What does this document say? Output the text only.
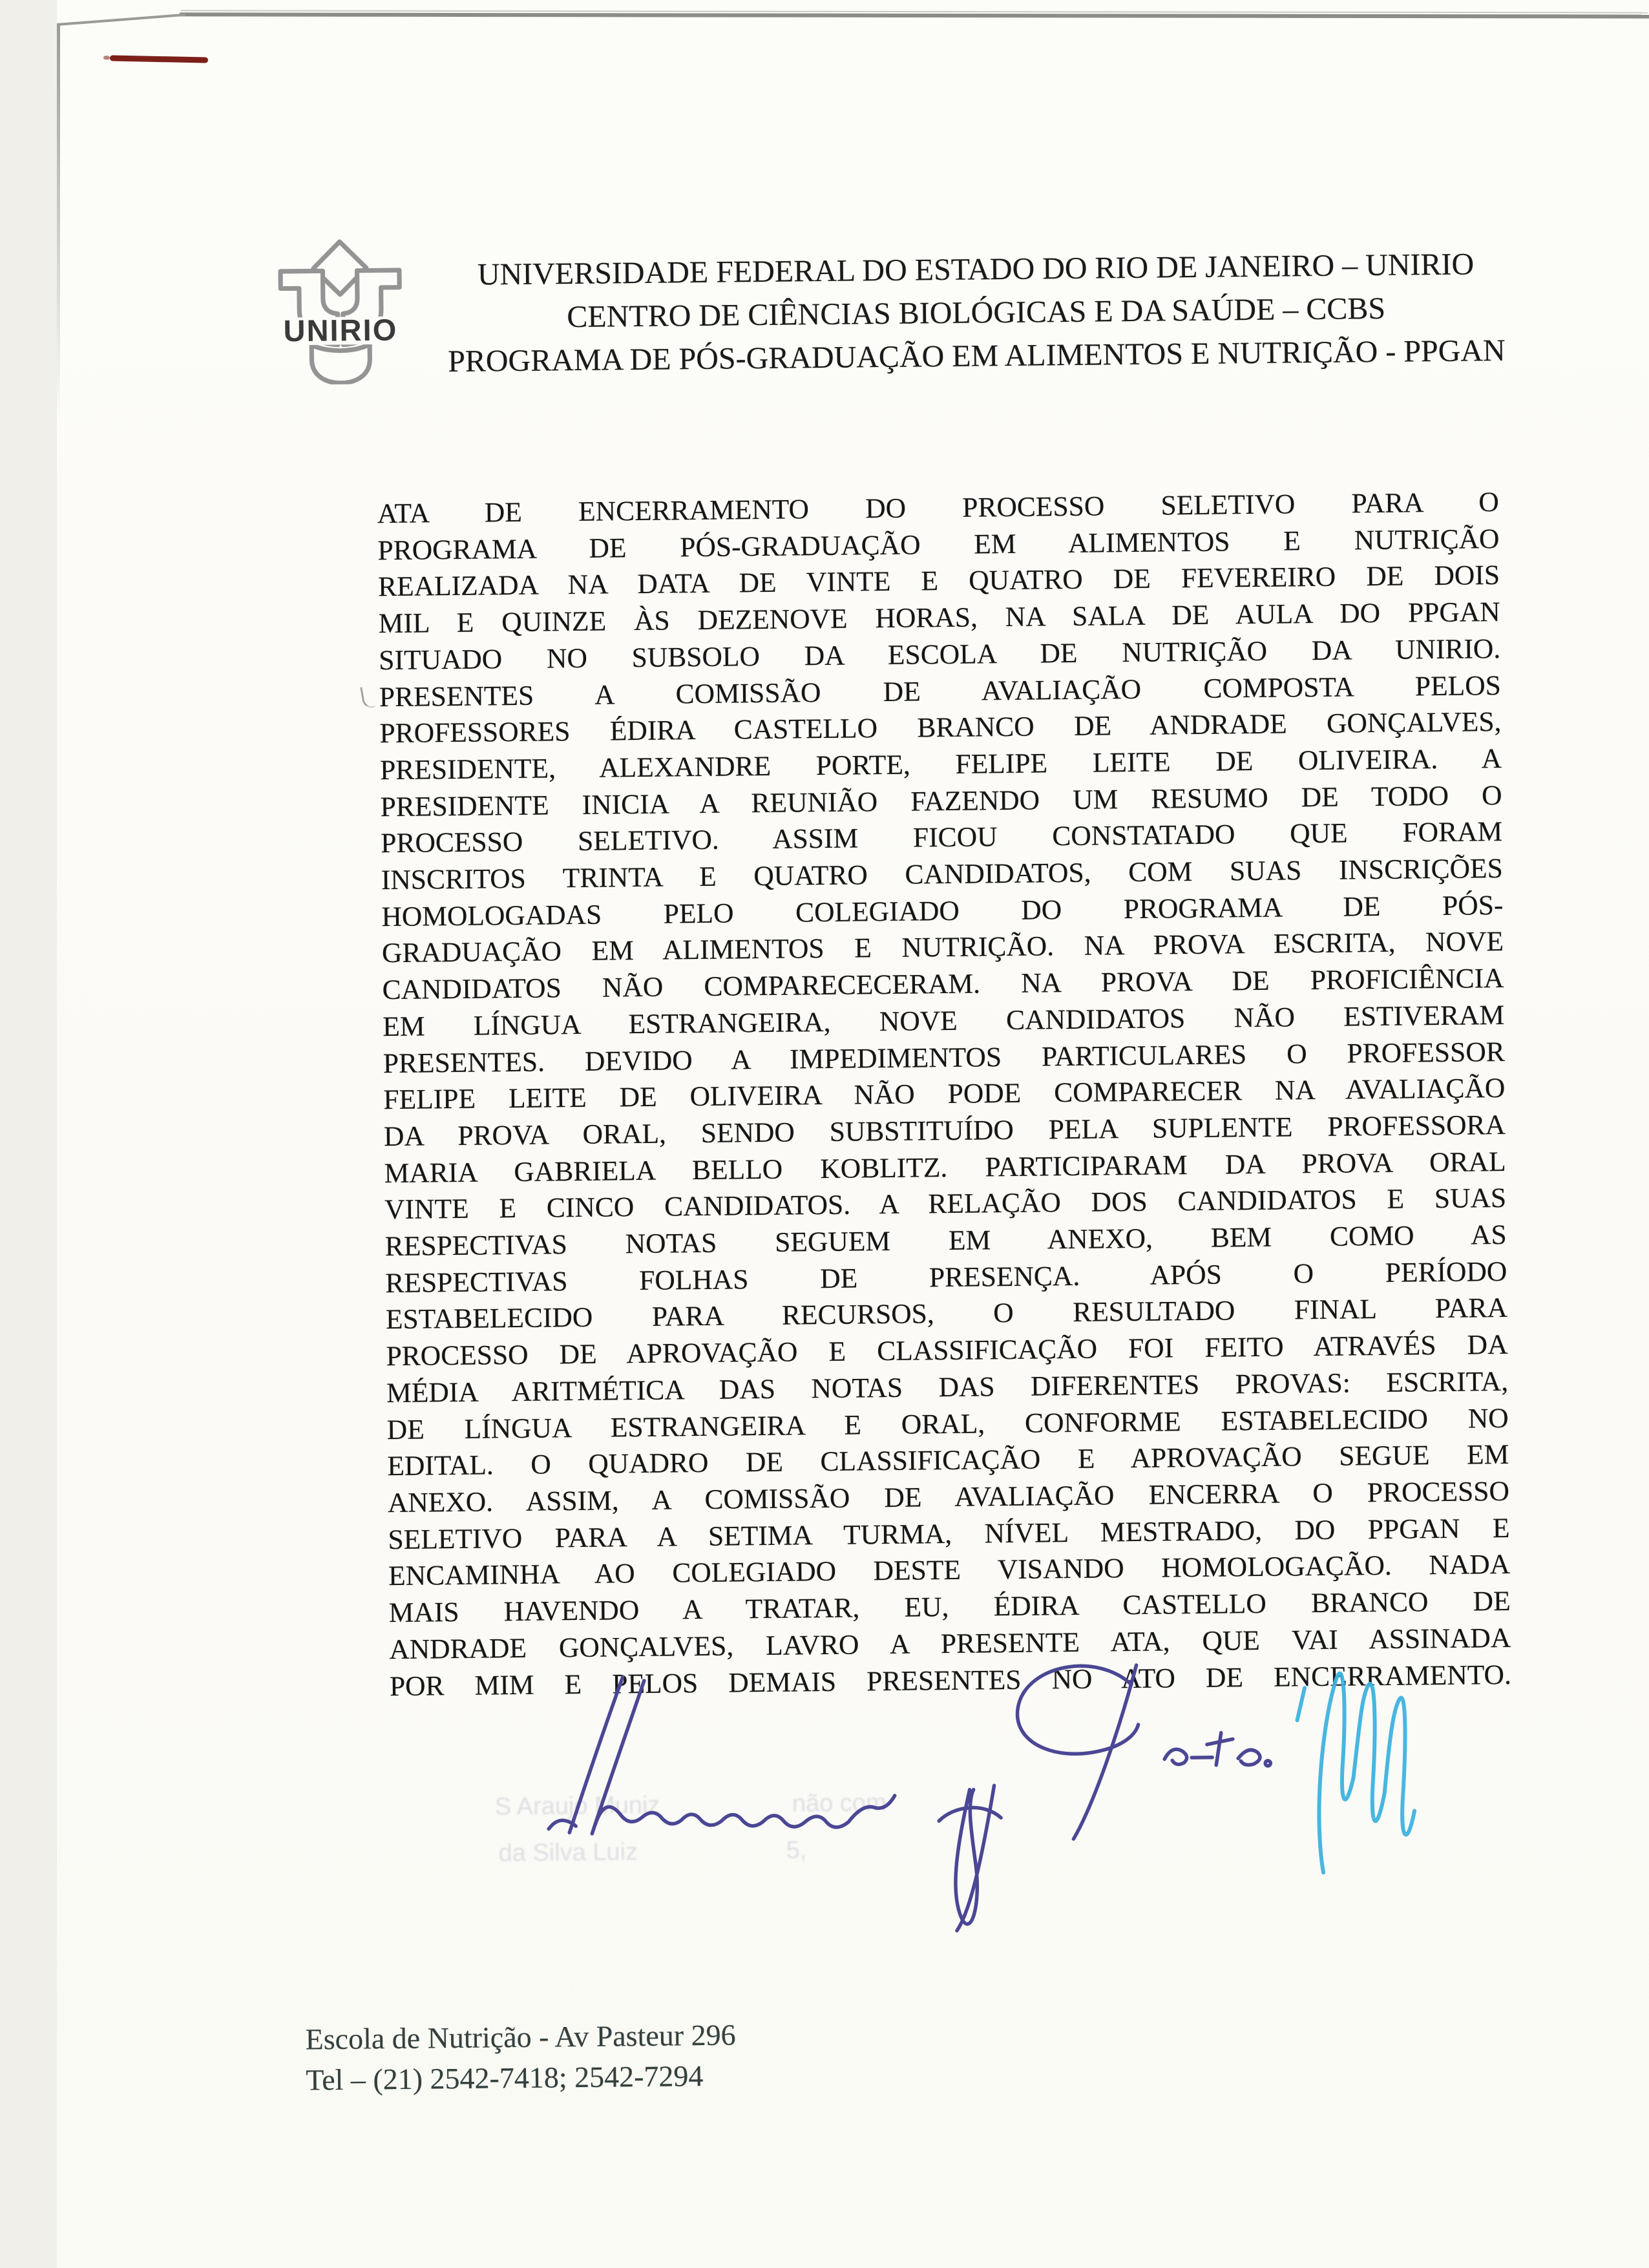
UNIRIO
UNIVERSIDADE FEDERAL DO ESTADO DO RIO DE JANEIRO – UNIRIO
CENTRO DE CIÊNCIAS BIOLÓGICAS E DA SAÚDE – CCBS
PROGRAMA DE PÓS-GRADUAÇÃO EM ALIMENTOS E NUTRIÇÃO - PPGAN
ATA DE ENCERRAMENTO DO PROCESSO SELETIVO PARA O
PROGRAMA DE PÓS-GRADUAÇÃO EM ALIMENTOS E NUTRIÇÃO
REALIZADA NA DATA DE VINTE E QUATRO DE FEVEREIRO DE DOIS
MIL E QUINZE ÀS DEZENOVE HORAS, NA SALA DE AULA DO PPGAN
SITUADO NO SUBSOLO DA ESCOLA DE NUTRIÇÃO DA UNIRIO.
PRESENTES A COMISSÃO DE AVALIAÇÃO COMPOSTA PELOS
PROFESSORES ÉDIRA CASTELLO BRANCO DE ANDRADE GONÇALVES,
PRESIDENTE, ALEXANDRE PORTE, FELIPE LEITE DE OLIVEIRA. A
PRESIDENTE INICIA A REUNIÃO FAZENDO UM RESUMO DE TODO O
PROCESSO SELETIVO. ASSIM FICOU CONSTATADO QUE FORAM
INSCRITOS TRINTA E QUATRO CANDIDATOS, COM SUAS INSCRIÇÕES
HOMOLOGADAS PELO COLEGIADO DO PROGRAMA DE PÓS-
GRADUAÇÃO EM ALIMENTOS E NUTRIÇÃO. NA PROVA ESCRITA, NOVE
CANDIDATOS NÃO COMPARECECERAM. NA PROVA DE PROFICIÊNCIA
EM LÍNGUA ESTRANGEIRA, NOVE CANDIDATOS NÃO ESTIVERAM
PRESENTES. DEVIDO A IMPEDIMENTOS PARTICULARES O PROFESSOR
FELIPE LEITE DE OLIVEIRA NÃO PODE COMPARECER NA AVALIAÇÃO
DA PROVA ORAL, SENDO SUBSTITUÍDO PELA SUPLENTE PROFESSORA
MARIA GABRIELA BELLO KOBLITZ. PARTICIPARAM DA PROVA ORAL
VINTE E CINCO CANDIDATOS. A RELAÇÃO DOS CANDIDATOS E SUAS
RESPECTIVAS NOTAS SEGUEM EM ANEXO, BEM COMO AS
RESPECTIVAS FOLHAS DE PRESENÇA. APÓS O PERÍODO
ESTABELECIDO PARA RECURSOS, O RESULTADO FINAL PARA
PROCESSO DE APROVAÇÃO E CLASSIFICAÇÃO FOI FEITO ATRAVÉS DA
MÉDIA ARITMÉTICA DAS NOTAS DAS DIFERENTES PROVAS: ESCRITA,
DE LÍNGUA ESTRANGEIRA E ORAL, CONFORME ESTABELECIDO NO
EDITAL. O QUADRO DE CLASSIFICAÇÃO E APROVAÇÃO SEGUE EM
ANEXO. ASSIM, A COMISSÃO DE AVALIAÇÃO ENCERRA O PROCESSO
SELETIVO PARA A SETIMA TURMA, NÍVEL MESTRADO, DO PPGAN E
ENCAMINHA AO COLEGIADO DESTE VISANDO HOMOLOGAÇÃO. NADA
MAIS HAVENDO A TRATAR, EU, ÉDIRA CASTELLO BRANCO DE
ANDRADE GONÇALVES, LAVRO A PRESENTE ATA, QUE VAI ASSINADA
POR MIM E PELOS DEMAIS PRESENTES NO ATO DE ENCERRAMENTO.
S Araujo Muniz	não com
da Silva Luiz	5,
Escola de Nutrição - Av Pasteur 296
Tel – (21) 2542-7418; 2542-7294
